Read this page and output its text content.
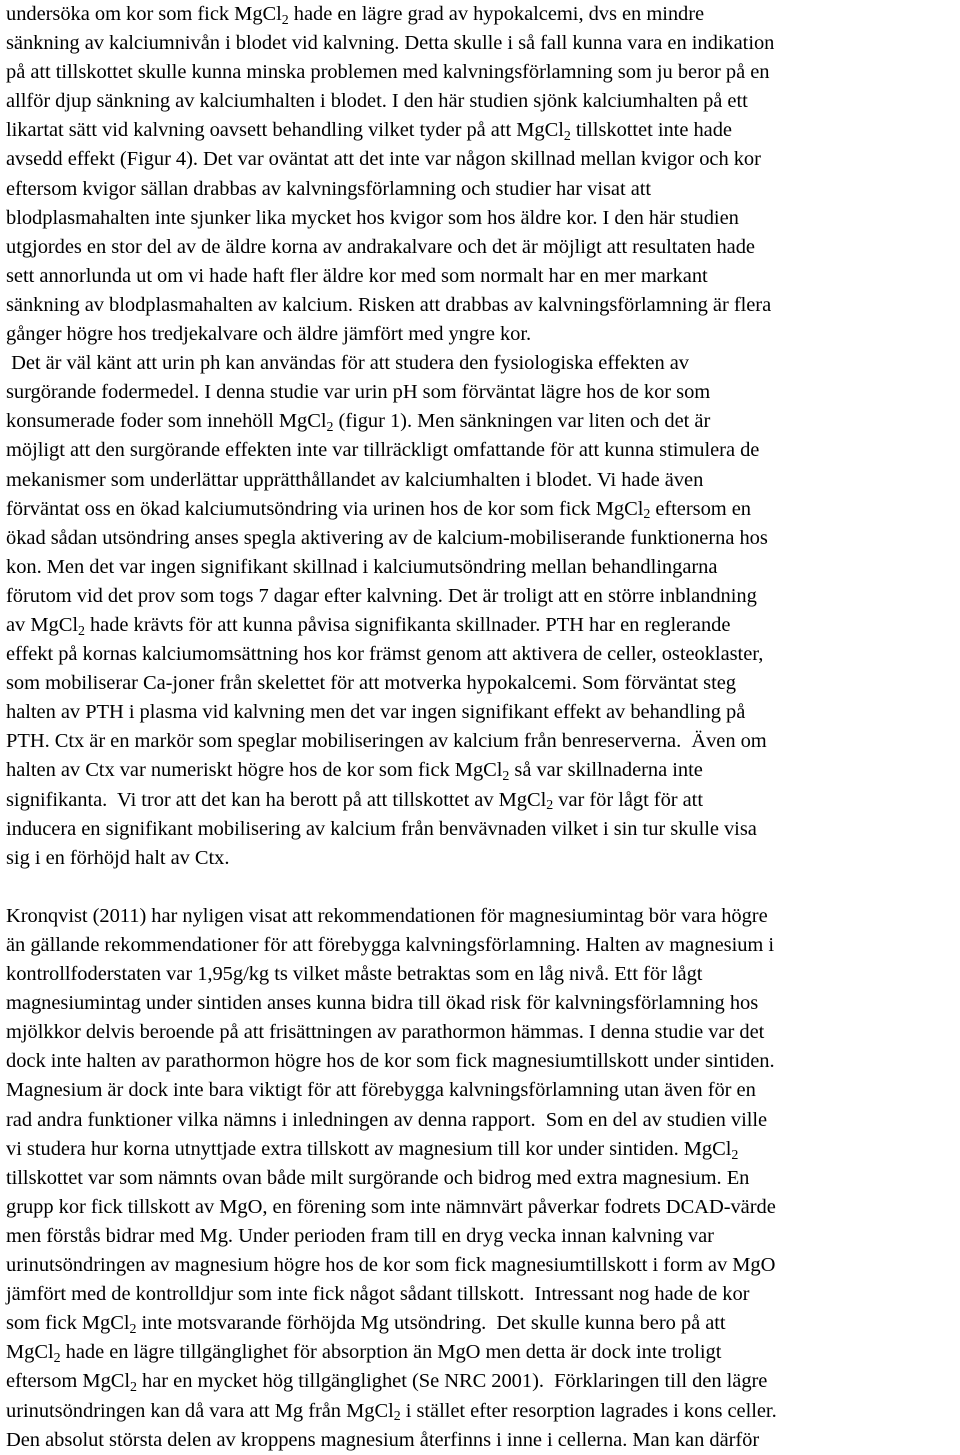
undersöka om kor som fick MgCl2 hade en lägre grad av hypokalcemi, dvs en mindre
sänkning av kalciumnivån i blodet vid kalvning. Detta skulle i så fall kunna vara en indikation
på att tillskottet skulle kunna minska problemen med kalvningsförlamning som ju beror på en
allför djup sänkning av kalciumhalten i blodet. I den här studien sjönk kalciumhalten på ett
likartat sätt vid kalvning oavsett behandling vilket tyder på att MgCl2 tillskottet inte hade
avsedd effekt (Figur 4). Det var oväntat att det inte var någon skillnad mellan kvigor och kor
eftersom kvigor sällan drabbas av kalvningsförlamning och studier har visat att
blodplasmahalten inte sjunker lika mycket hos kvigor som hos äldre kor. I den här studien
utgjordes en stor del av de äldre korna av andrakalvare och det är möjligt att resultaten hade
sett annorlunda ut om vi hade haft fler äldre kor med som normalt har en mer markant
sänkning av blodplasmahalten av kalcium. Risken att drabbas av kalvningsförlamning är flera
gånger högre hos tredjekalvare och äldre jämfört med yngre kor.
Det är väl känt att urin ph kan användas för att studera den fysiologiska effekten av
surgörande fodermedel. I denna studie var urin pH som förväntat lägre hos de kor som
konsumerade foder som innehöll MgCl2 (figur 1). Men sänkningen var liten och det är
möjligt att den surgörande effekten inte var tillräckligt omfattande för att kunna stimulera de
mekanismer som underlättar upprätthållandet av kalciumhalten i blodet. Vi hade även
förväntat oss en ökad kalciumutsöndring via urinen hos de kor som fick MgCl2 eftersom en
ökad sådan utsöndring anses spegla aktivering av de kalcium-mobiliserande funktionerna hos
kon. Men det var ingen signifikant skillnad i kalciumutsöndring mellan behandlingarna
förutom vid det prov som togs 7 dagar efter kalvning. Det är troligt att en större inblandning
av MgCl2 hade krävts för att kunna påvisa signifikanta skillnader. PTH har en reglerande
effekt på kornas kalciumomsättning hos kor främst genom att aktivera de celler, osteoklaster,
som mobiliserar Ca-joner från skelettet för att motverka hypokalcemi. Som förväntat steg
halten av PTH i plasma vid kalvning men det var ingen signifikant effekt av behandling på
PTH. Ctx är en markör som speglar mobiliseringen av kalcium från benreserverna.  Även om
halten av Ctx var numeriskt högre hos de kor som fick MgCl2 så var skillnaderna inte
signifikanta.  Vi tror att det kan ha berott på att tillskottet av MgCl2 var för lågt för att
inducera en signifikant mobilisering av kalcium från benvävnaden vilket i sin tur skulle visa
sig i en förhöjd halt av Ctx.
Kronqvist (2011) har nyligen visat att rekommendationen för magnesiumintag bör vara högre
än gällande rekommendationer för att förebygga kalvningsförlamning. Halten av magnesium i
kontrollfoderstaten var 1,95g/kg ts vilket måste betraktas som en låg nivå. Ett för lågt
magnesiumintag under sintiden anses kunna bidra till ökad risk för kalvningsförlamning hos
mjölkkor delvis beroende på att frisättningen av parathormon hämmas. I denna studie var det
dock inte halten av parathormon högre hos de kor som fick magnesiumtillskott under sintiden.
Magnesium är dock inte bara viktigt för att förebygga kalvningsförlamning utan även för en
rad andra funktioner vilka nämns i inledningen av denna rapport.  Som en del av studien ville
vi studera hur korna utnyttjade extra tillskott av magnesium till kor under sintiden. MgCl2
tillskottet var som nämnts ovan både milt surgörande och bidrog med extra magnesium. En
grupp kor fick tillskott av MgO, en förening som inte nämnvärt påverkar fodrets DCAD-värde
men förstås bidrar med Mg. Under perioden fram till en dryg vecka innan kalvning var
urinutsöndringen av magnesium högre hos de kor som fick magnesiumtillskott i form av MgO
jämfört med de kontrolldjur som inte fick något sådant tillskott.  Intressant nog hade de kor
som fick MgCl2 inte motsvarande förhöjda Mg utsöndring.  Det skulle kunna bero på att
MgCl2 hade en lägre tillgänglighet för absorption än MgO men detta är dock inte troligt
eftersom MgCl2 har en mycket hög tillgänglighet (Se NRC 2001).  Förklaringen till den lägre
urinutsöndringen kan då vara att Mg från MgCl2 i stället efter resorption lagrades i kons celler.
Den absolut största delen av kroppens magnesium återfinns i inne i cellerna. Man kan därför
